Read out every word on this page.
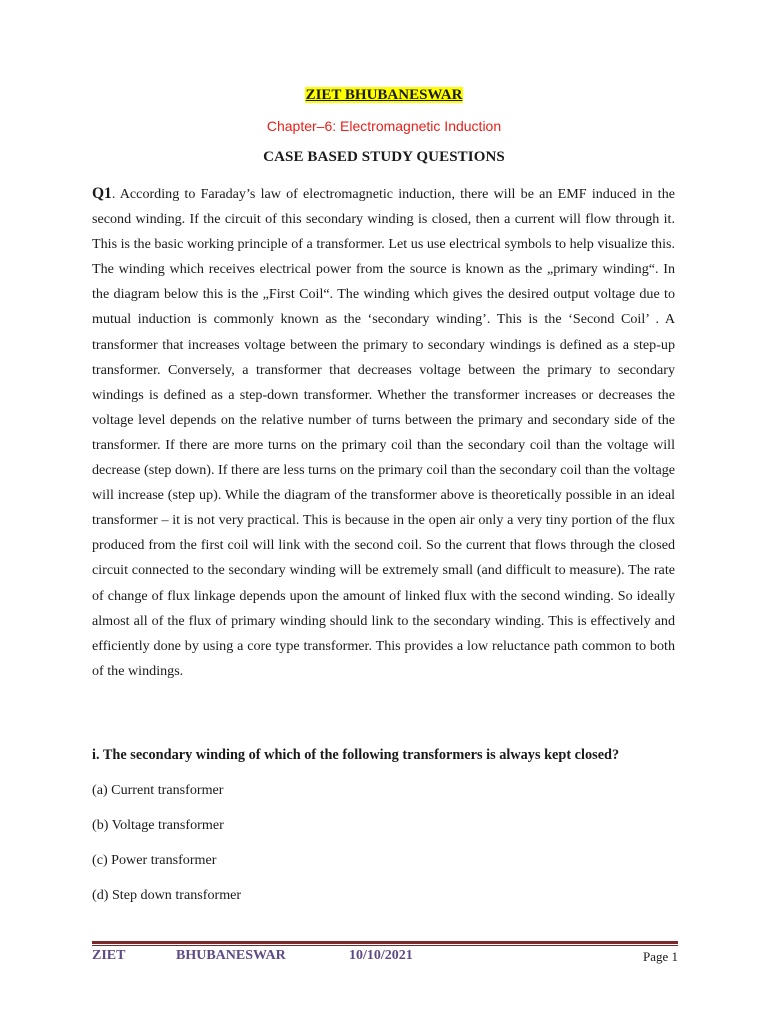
ZIET BHUBANESWAR
Chapter–6: Electromagnetic Induction
CASE BASED STUDY QUESTIONS
Q1. According to Faraday’s law of electromagnetic induction, there will be an EMF induced in the second winding. If the circuit of this secondary winding is closed, then a current will flow through it. This is the basic working principle of a transformer. Let us use electrical symbols to help visualize this. The winding which receives electrical power from the source is known as the „primary winding“. In the diagram below this is the „First Coil“. The winding which gives the desired output voltage due to mutual induction is commonly known as the ‘secondary winding’. This is the ‘Second Coil’ . A transformer that increases voltage between the primary to secondary windings is defined as a step-up transformer. Conversely, a transformer that decreases voltage between the primary to secondary windings is defined as a step-down transformer. Whether the transformer increases or decreases the voltage level depends on the relative number of turns between the primary and secondary side of the transformer. If there are more turns on the primary coil than the secondary coil than the voltage will decrease (step down). If there are less turns on the primary coil than the secondary coil than the voltage will increase (step up). While the diagram of the transformer above is theoretically possible in an ideal transformer – it is not very practical. This is because in the open air only a very tiny portion of the flux produced from the first coil will link with the second coil. So the current that flows through the closed circuit connected to the secondary winding will be extremely small (and difficult to measure). The rate of change of flux linkage depends upon the amount of linked flux with the second winding. So ideally almost all of the flux of primary winding should link to the secondary winding. This is effectively and efficiently done by using a core type transformer. This provides a low reluctance path common to both of the windings.
i. The secondary winding of which of the following transformers is always kept closed?
(a) Current transformer
(b) Voltage transformer
(c) Power transformer
(d) Step down transformer
ZIET	BHUBANESWAR	10/10/2021	Page 1
